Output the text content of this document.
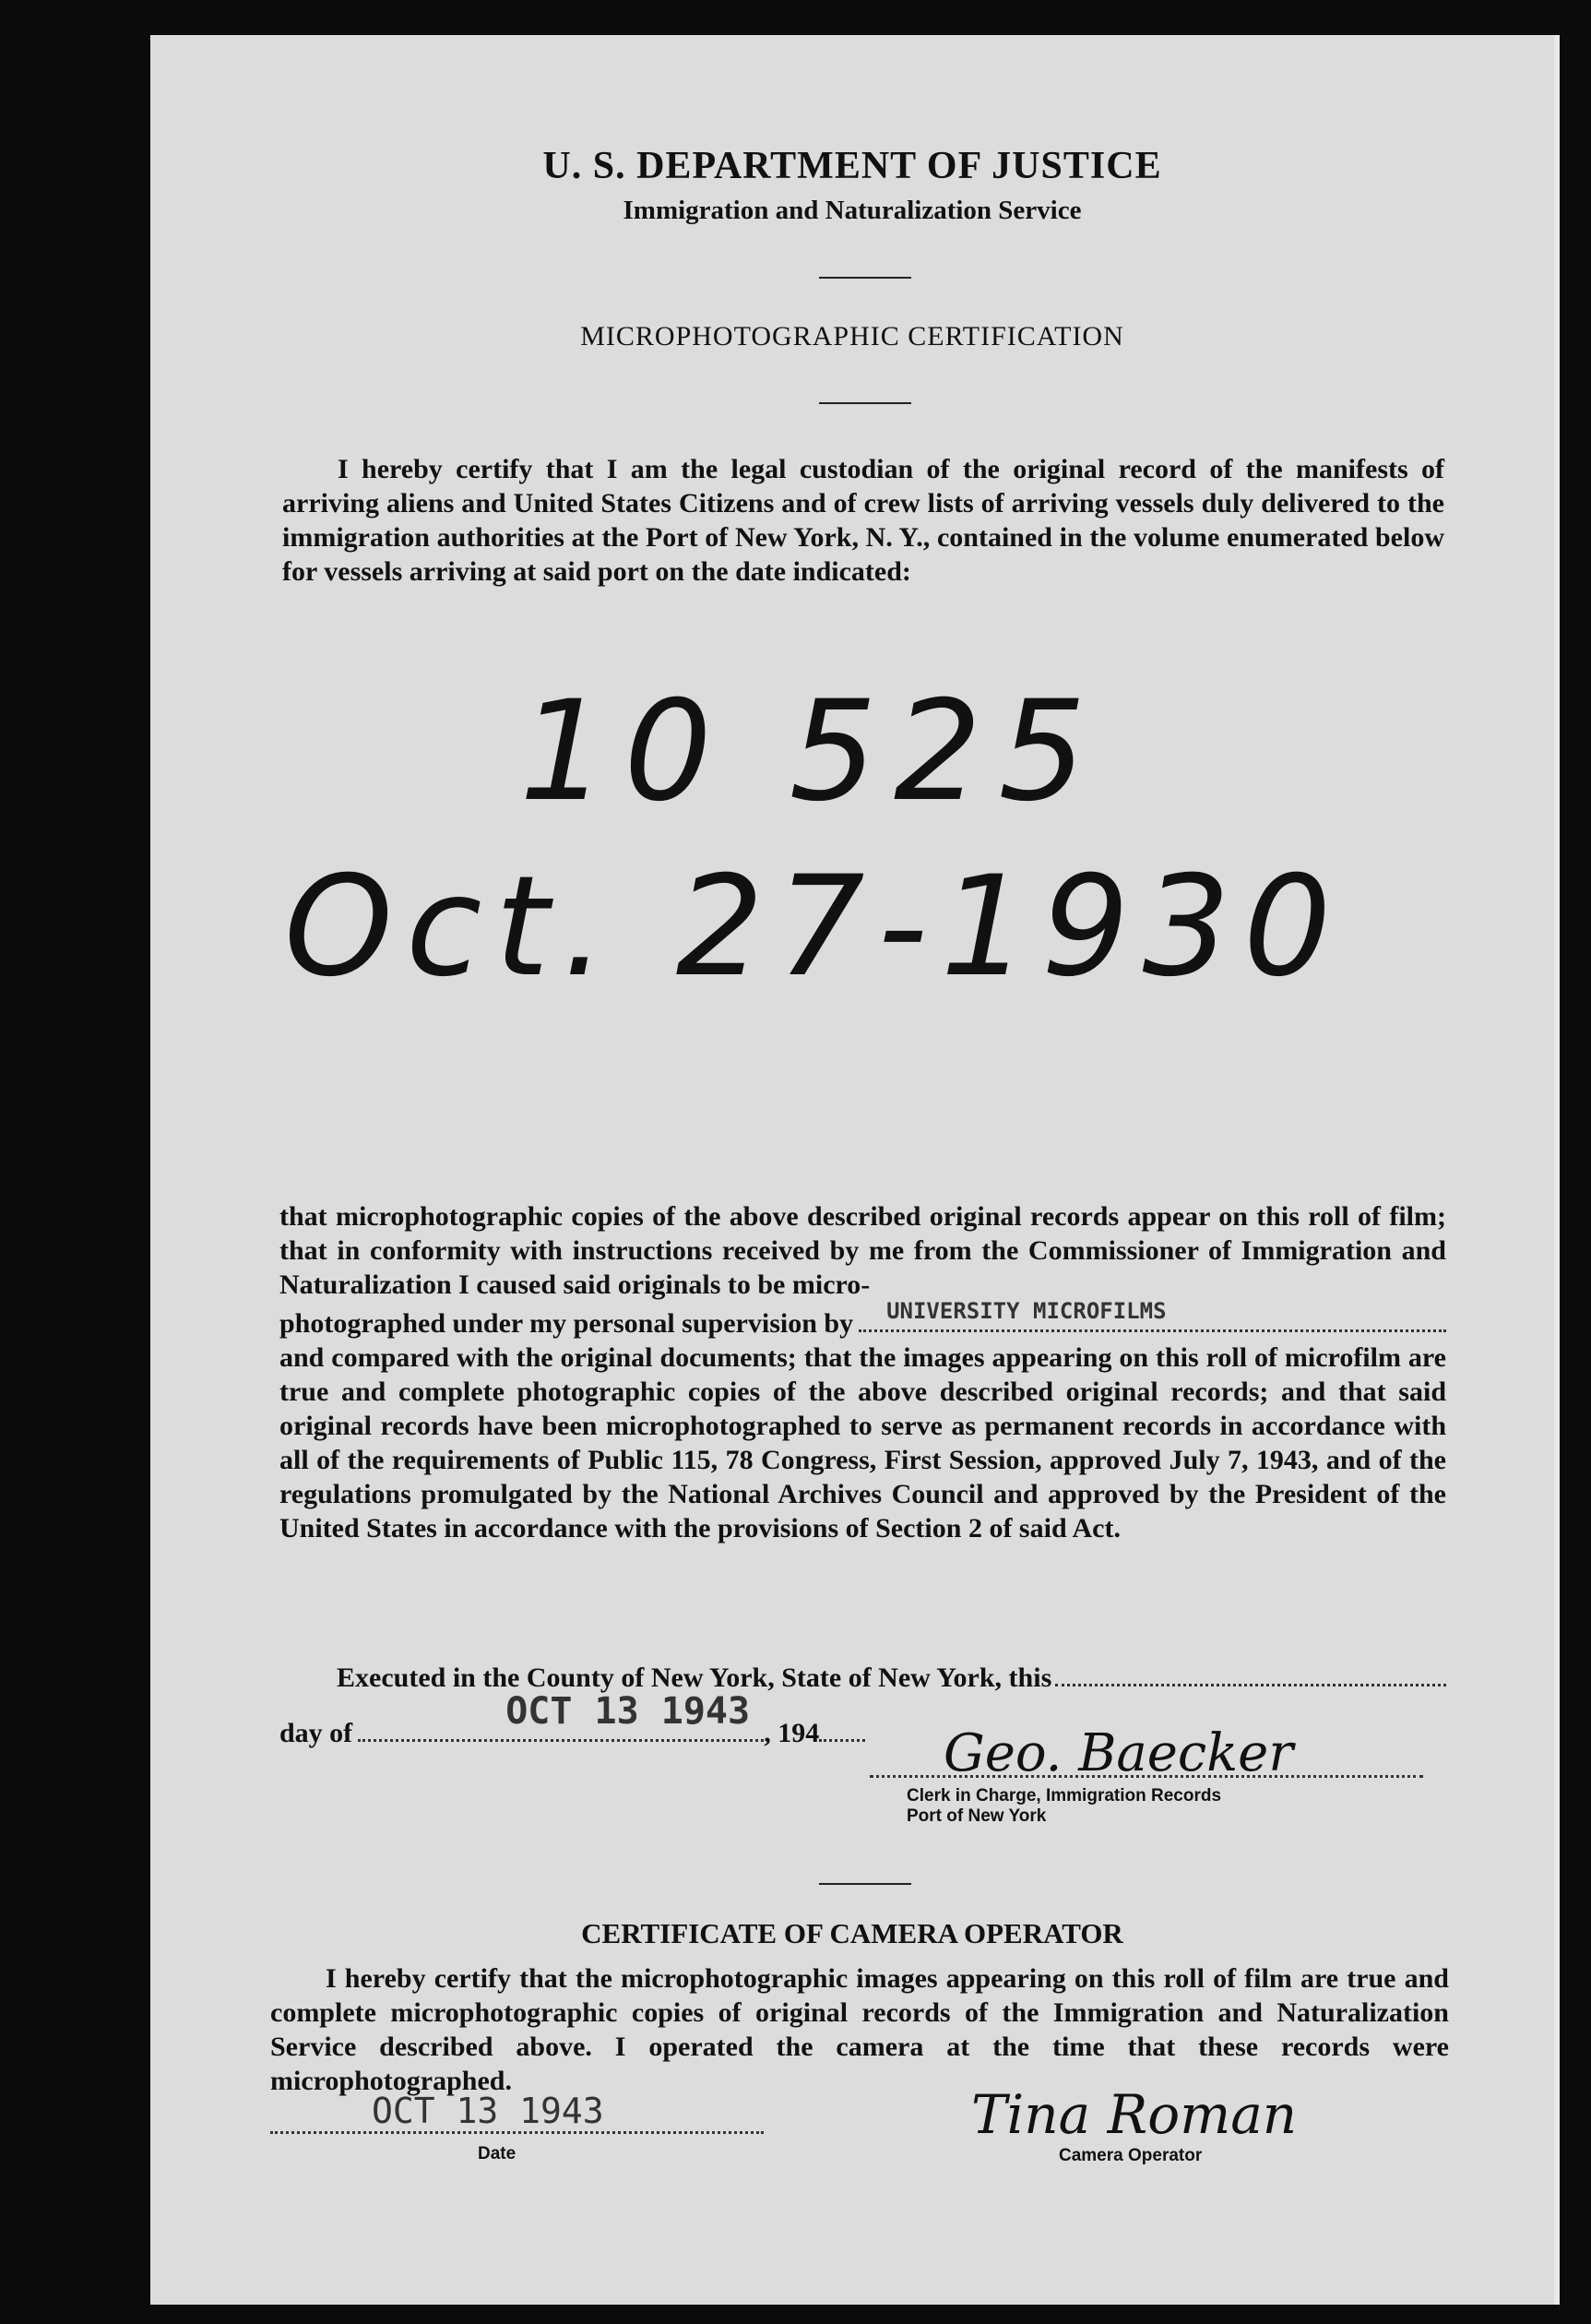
U. S. DEPARTMENT OF JUSTICE
Immigration and Naturalization Service
MICROPHOTOGRAPHIC CERTIFICATION
I hereby certify that I am the legal custodian of the original record of the manifests of arriving aliens and United States Citizens and of crew lists of arriving vessels duly delivered to the immigration authorities at the Port of New York, N. Y., contained in the volume enumerated below for vessels arriving at said port on the date indicated:
10 525
Oct. 27-1930

that microphotographic copies of the above described original records appear on this roll of film; that in conformity with instructions received by me from the Commissioner of Immigration and Naturalization I caused said originals to be micro-

photographed under my personal supervision by UNIVERSITY MICROFILMS

and compared with the original documents; that the images appearing on this roll of microfilm are true and complete photographic copies of the above described original records; and that said original records have been microphotographed to serve as permanent records in accordance with all of the requirements of Public 115, 78 Congress, First Session, approved July 7, 1943, and of the regulations promulgated by the National Archives Council and approved by the President of the United States in accordance with the provisions of Section 2 of said Act.

Executed in the County of New York, State of New York, this

day of
OCT 13 1943
, 194 Geo. Baecker
Clerk in Charge, Immigration Records
Port of New York
CERTIFICATE OF CAMERA OPERATOR
I hereby certify that the microphotographic images appearing on this roll of film are true and complete microphotographic copies of original records of the Immigration and Naturalization Service described above. I operated the camera at the time that these records were microphotographed.
OCT 13 1943
Date
Tina Roman
Camera Operator
